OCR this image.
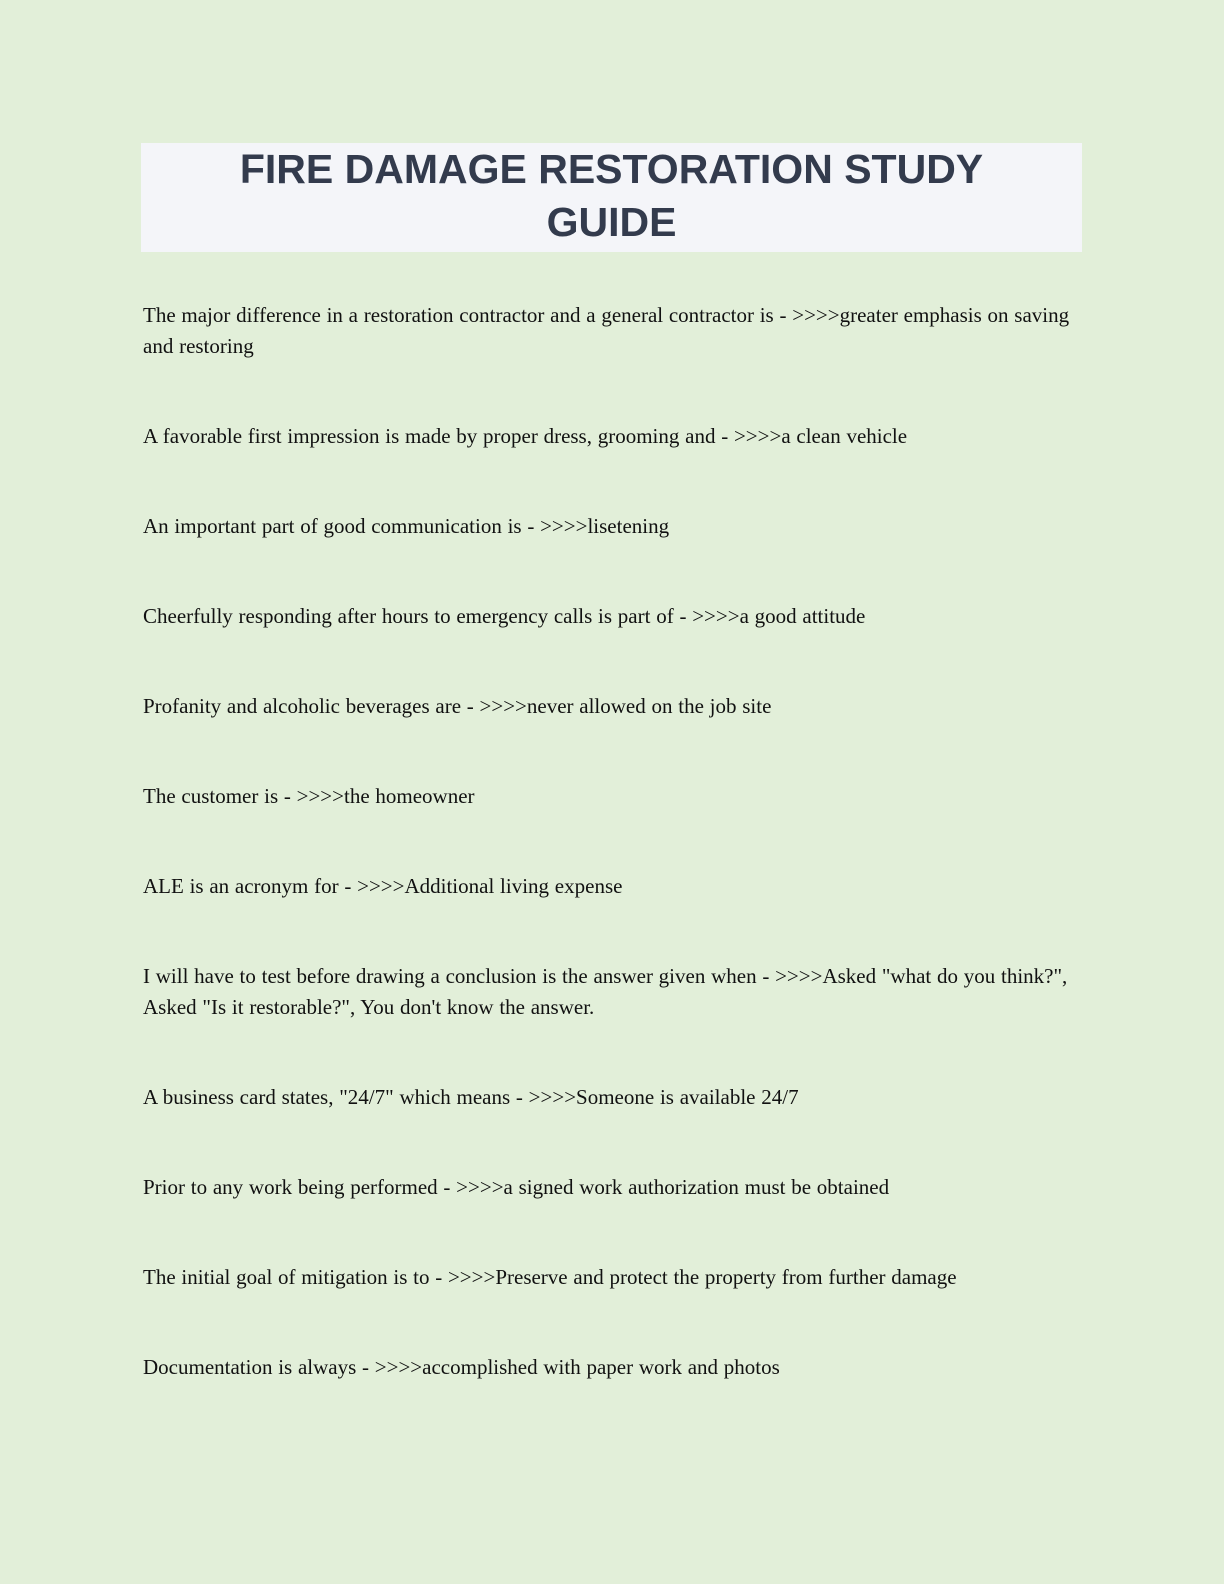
FIRE DAMAGE RESTORATION STUDY GUIDE

The major difference in a restoration contractor and a general contractor is - >>>>greater emphasis on saving and restoring

A favorable first impression is made by proper dress, grooming and - >>>>a clean vehicle

An important part of good communication is - >>>>lisetening

Cheerfully responding after hours to emergency calls is part of - >>>>a good attitude

Profanity and alcoholic beverages are - >>>>never allowed on the job site

The customer is - >>>>the homeowner

ALE is an acronym for - >>>>Additional living expense

I will have to test before drawing a conclusion is the answer given when - >>>>Asked "what do you think?", Asked "Is it restorable?", You don't know the answer.

A business card states, "24/7" which means - >>>>Someone is available 24/7

Prior to any work being performed - >>>>a signed work authorization must be obtained

The initial goal of mitigation is to - >>>>Preserve and protect the property from further damage

Documentation is always - >>>>accomplished with paper work and photos
